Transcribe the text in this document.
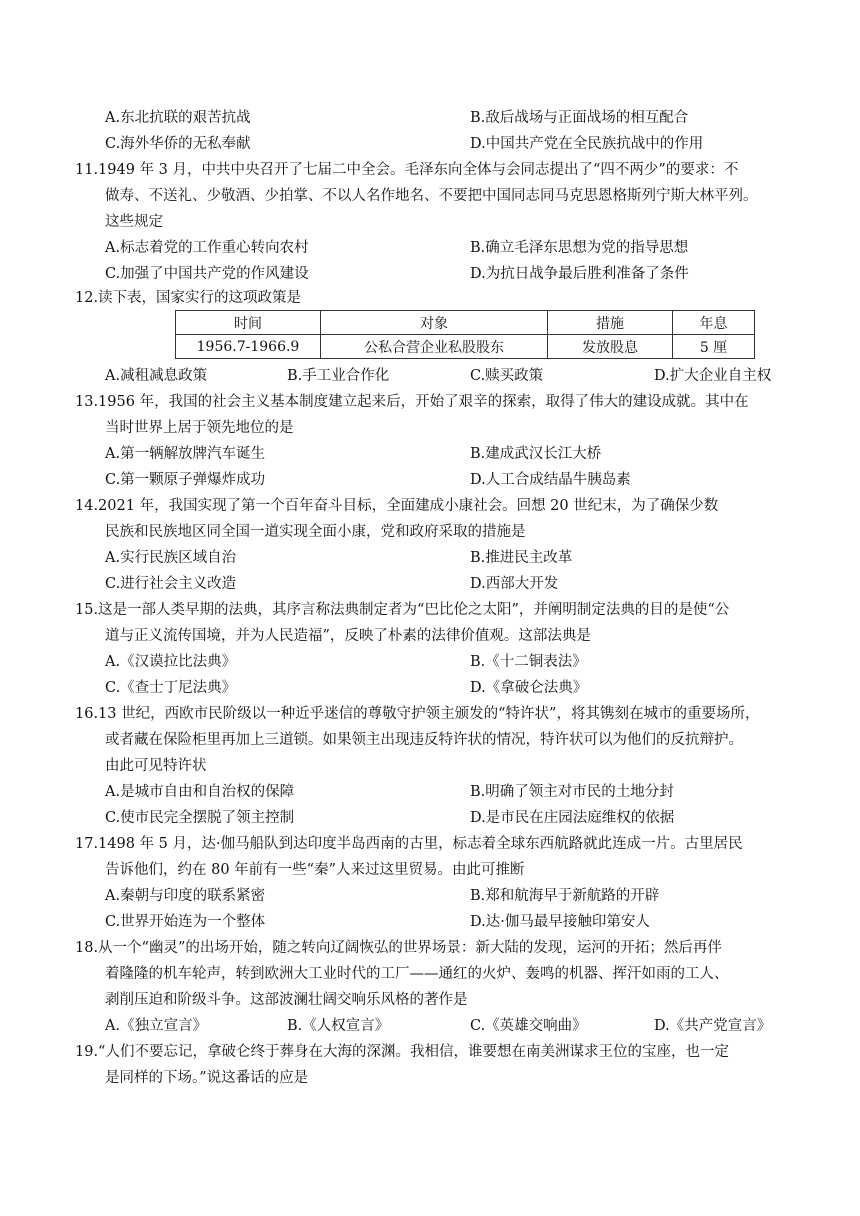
A.东北抗联的艰苦抗战	B.敌后战场与正面战场的相互配合
C.海外华侨的无私奉献	D.中国共产党在全民族抗战中的作用
11.1949 年 3 月，中共中央召开了七届二中全会。毛泽东向全体与会同志提出了“四不两少”的要求：不
做寿、不送礼、少敬酒、少拍掌、不以人名作地名、不要把中国同志同马克思恩格斯列宁斯大林平列。
这些规定
A.标志着党的工作重心转向农村	B.确立毛泽东思想为党的指导思想
C.加强了中国共产党的作风建设	D.为抗日战争最后胜利准备了条件
12.读下表，国家实行的这项政策是
时间	对象	措施	年息
1956.7-1966.9	公私合营企业私股股东	发放股息	5 厘
A.减租减息政策	B.手工业合作化	C.赎买政策	D.扩大企业自主权
13.1956 年，我国的社会主义基本制度建立起来后，开始了艰辛的探索，取得了伟大的建设成就。其中在
当时世界上居于领先地位的是
A.第一辆解放牌汽车诞生	B.建成武汉长江大桥
C.第一颗原子弹爆炸成功	D.人工合成结晶牛胰岛素
14.2021 年，我国实现了第一个百年奋斗目标，全面建成小康社会。回想 20 世纪末，为了确保少数
民族和民族地区同全国一道实现全面小康，党和政府采取的措施是
A.实行民族区域自治	B.推进民主改革
C.进行社会主义改造	D.西部大开发
15.这是一部人类早期的法典，其序言称法典制定者为“巴比伦之太阳”，并阐明制定法典的目的是使“公
道与正义流传国境，并为人民造福”，反映了朴素的法律价值观。这部法典是
A.《汉谟拉比法典》	B.《十二铜表法》
C.《查士丁尼法典》	D.《拿破仑法典》
16.13 世纪，西欧市民阶级以一种近乎迷信的尊敬守护领主颁发的“特许状”，将其镌刻在城市的重要场所，
或者藏在保险柜里再加上三道锁。如果领主出现违反特许状的情况，特许状可以为他们的反抗辩护。
由此可见特许状
A.是城市自由和自治权的保障	B.明确了领主对市民的土地分封
C.使市民完全摆脱了领主控制	D.是市民在庄园法庭维权的依据
17.1498 年 5 月，达·伽马船队到达印度半岛西南的古里，标志着全球东西航路就此连成一片。古里居民
告诉他们，约在 80 年前有一些“秦”人来过这里贸易。由此可推断
A.秦朝与印度的联系紧密	B.郑和航海早于新航路的开辟
C.世界开始连为一个整体	D.达·伽马最早接触印第安人
18.从一个“幽灵”的出场开始，随之转向辽阔恢弘的世界场景：新大陆的发现，运河的开拓；然后再伴
着隆隆的机车轮声，转到欧洲大工业时代的工厂——通红的火炉、轰鸣的机器、挥汗如雨的工人、
剥削压迫和阶级斗争。这部波澜壮阔交响乐风格的著作是
A.《独立宣言》	B.《人权宣言》	C.《英雄交响曲》	D.《共产党宣言》
19.“人们不要忘记，拿破仑终于葬身在大海的深渊。我相信，谁要想在南美洲谋求王位的宝座，也一定
是同样的下场。”说这番话的应是
